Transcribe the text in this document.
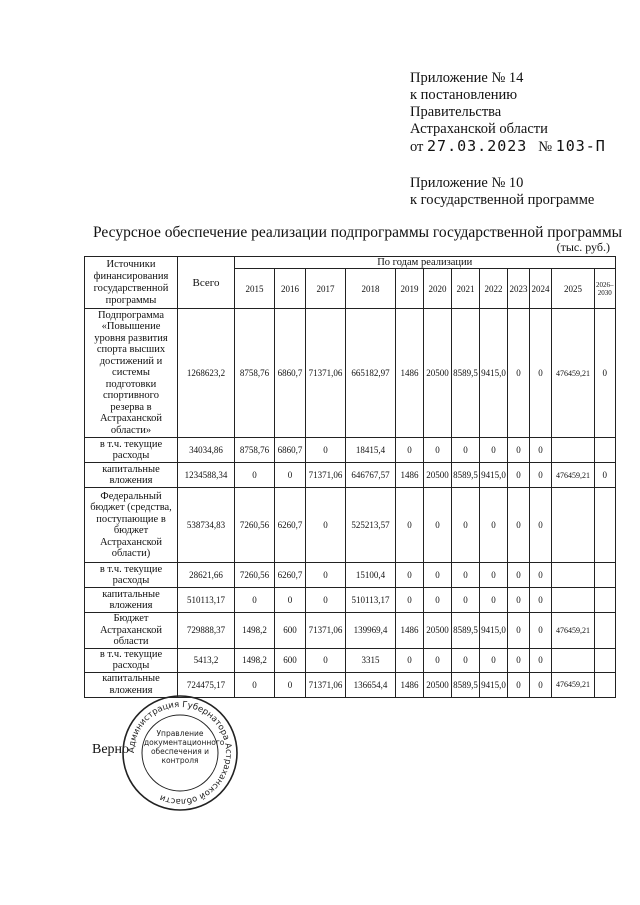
Приложение № 14
к постановлению
Правительства
Астраханской области
от 27.03.2023 № 103-П
Приложение № 10
к государственной программе
Ресурсное обеспечение реализации подпрограммы государственной программы
(тыс. руб.)
Источники финансирования государственной программы	Всего	По годам реализации											
		2015	2016	2017	2018	2019	2020	2021	2022	2023	2024	2025	2026–2030
Подпрограмма «Повышение уровня развития спорта высших достижений и системы подготовки спортивного резерва в Астраханской области»	1268623,2	8758,76	6860,7	71371,06	665182,97	1486	20500	8589,5	9415,0	0	0	476459,21	0
в т.ч. текущие расходы	34034,86	8758,76	6860,7	0	18415,4	0	0	0	0	0	0		
капитальные вложения	1234588,34	0	0	71371,06	646767,57	1486	20500	8589,5	9415,0	0	0	476459,21	0
Федеральный бюджет (средства, поступающие в бюджет Астраханской области)	538734,83	7260,56	6260,7	0	525213,57	0	0	0	0	0	0		
в т.ч. текущие расходы	28621,66	7260,56	6260,7	0	15100,4	0	0	0	0	0	0		
капитальные вложения	510113,17	0	0	0	510113,17	0	0	0	0	0	0		
Бюджет Астраханской области	729888,37	1498,2	600	71371,06	139969,4	1486	20500	8589,5	9415,0	0	0	476459,21	
в т.ч. текущие расходы	5413,2	1498,2	600	0	3315	0	0	0	0	0	0		
капитальные вложения	724475,17	0	0	71371,06	136654,4	1486	20500	8589,5	9415,0	0	0	476459,21	
Верно
Администрация Губернатора Астраханской области
Управление документационного обеспечения и контроля
